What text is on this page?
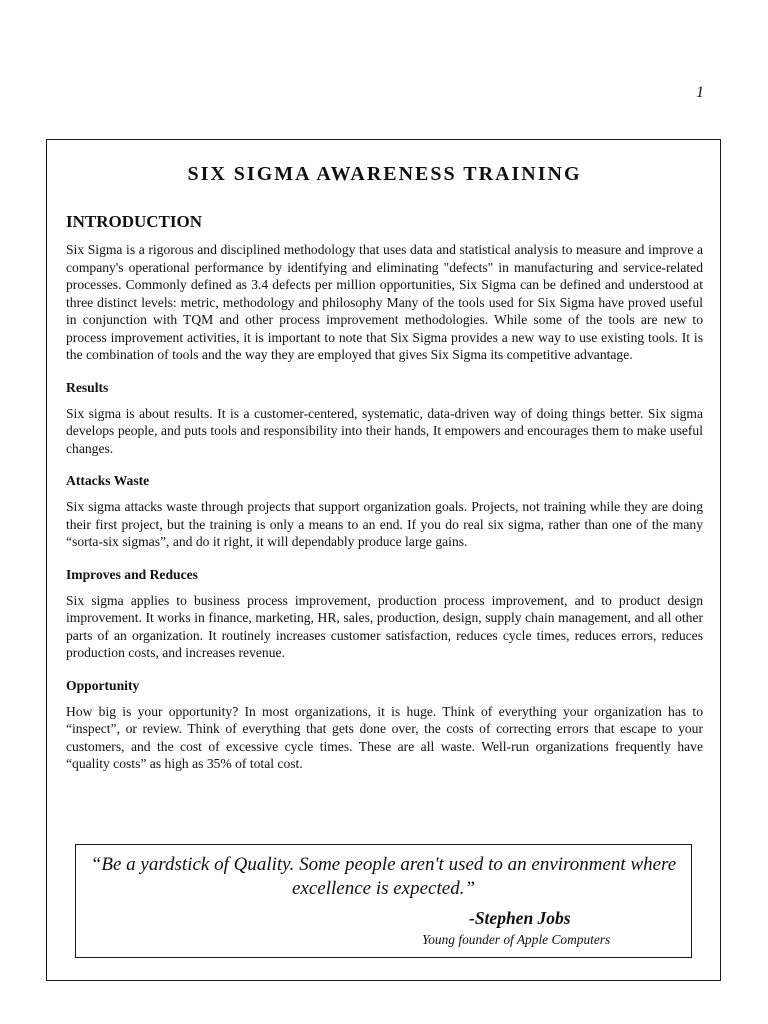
1
SIX SIGMA AWARENESS TRAINING
INTRODUCTION

Six Sigma is a rigorous and disciplined methodology that uses data and statistical analysis to measure and improve a company's operational performance by identifying and eliminating "defects" in manufacturing and service-related processes. Commonly defined as 3.4 defects per million opportunities, Six Sigma can be defined and understood at three distinct levels: metric, methodology and philosophy Many of the tools used for Six Sigma have proved useful in conjunction with TQM and other process improvement methodologies. While some of the tools are new to process improvement activities, it is important to note that Six Sigma provides a new way to use existing tools. It is the combination of tools and the way they are employed that gives Six Sigma its competitive advantage.

Results

Six sigma is about results. It is a customer-centered, systematic, data-driven way of doing things better. Six sigma develops people, and puts tools and responsibility into their hands, It empowers and encourages them to make useful changes.

Attacks Waste

Six sigma attacks waste through projects that support organization goals. Projects, not training while they are doing their first project, but the training is only a means to an end. If you do real six sigma, rather than one of the many “sorta-six sigmas”, and do it right, it will dependably produce large gains.

Improves and Reduces

Six sigma applies to business process improvement, production process improvement, and to product design improvement. It works in finance, marketing, HR, sales, production, design, supply chain management, and all other parts of an organization. It routinely increases customer satisfaction, reduces cycle times, reduces errors, reduces production costs, and increases revenue.

Opportunity

How big is your opportunity? In most organizations, it is huge. Think of everything your organization has to “inspect”, or review. Think of everything that gets done over, the costs of correcting errors that escape to your customers, and the cost of excessive cycle times. These are all waste. Well-run organizations frequently have “quality costs” as high as 35% of total cost.

“Be a yardstick of Quality. Some people aren't used to an environment where excellence is expected.”

-Stephen Jobs

Young founder of Apple Computers
